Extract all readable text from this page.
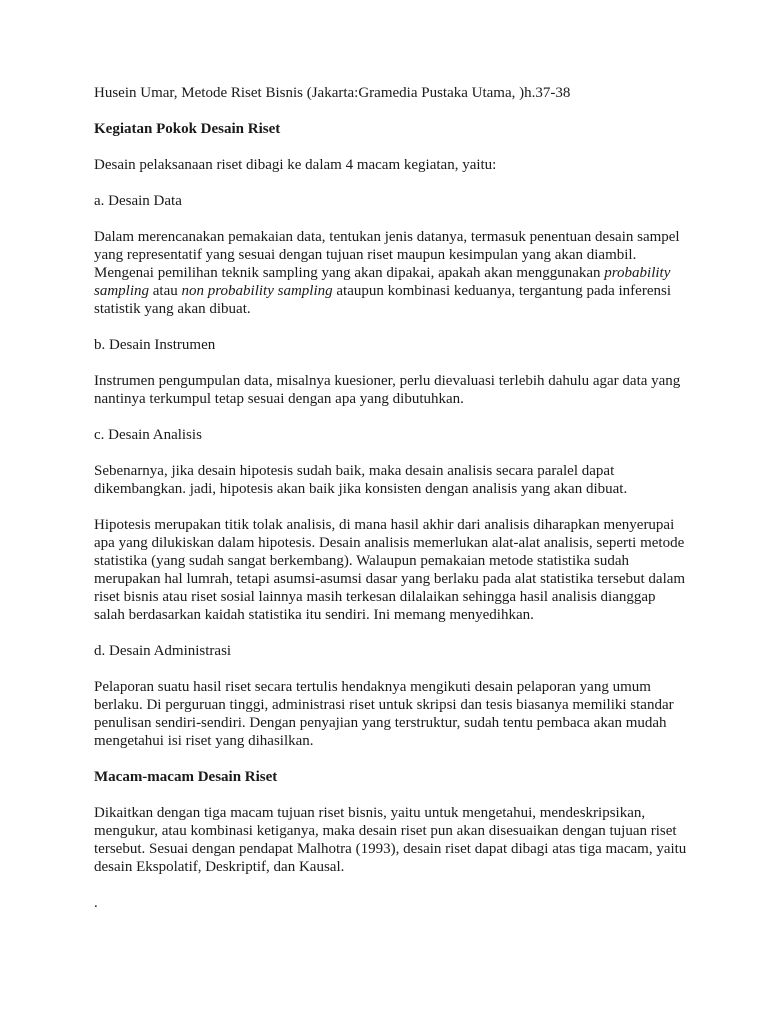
Husein Umar, Metode Riset Bisnis (Jakarta:Gramedia Pustaka Utama, )h.37-38

Kegiatan Pokok Desain Riset

Desain pelaksanaan riset dibagi ke dalam 4 macam kegiatan, yaitu:

a. Desain Data

Dalam merencanakan pemakaian data, tentukan jenis datanya, termasuk penentuan desain sampel yang representatif yang sesuai dengan tujuan riset maupun kesimpulan yang akan diambil. Mengenai pemilihan teknik sampling yang akan dipakai, apakah akan menggunakan probability sampling atau non probability sampling ataupun kombinasi keduanya, tergantung pada inferensi statistik yang akan dibuat.

b. Desain Instrumen

Instrumen pengumpulan data, misalnya kuesioner, perlu dievaluasi terlebih dahulu agar data yang nantinya terkumpul tetap sesuai dengan apa yang dibutuhkan.

c. Desain Analisis

Sebenarnya, jika desain hipotesis sudah baik, maka desain analisis secara paralel dapat dikembangkan. jadi, hipotesis akan baik jika konsisten dengan analisis yang akan dibuat.

Hipotesis merupakan titik tolak analisis, di mana hasil akhir dari analisis diharapkan menyerupai apa yang dilukiskan dalam hipotesis. Desain analisis memerlukan alat-alat analisis, seperti metode statistika (yang sudah sangat berkembang). Walaupun pemakaian metode statistika sudah merupakan hal lumrah, tetapi asumsi-asumsi dasar yang berlaku pada alat statistika tersebut dalam riset bisnis atau riset sosial lainnya masih terkesan dilalaikan sehingga hasil analisis dianggap salah berdasarkan kaidah statistika itu sendiri. Ini memang menyedihkan.

d. Desain Administrasi

Pelaporan suatu hasil riset secara tertulis hendaknya mengikuti desain pelaporan yang umum berlaku. Di perguruan tinggi, administrasi riset untuk skripsi dan tesis biasanya memiliki standar penulisan sendiri-sendiri. Dengan penyajian yang terstruktur, sudah tentu pembaca akan mudah mengetahui isi riset yang dihasilkan.

Macam-macam Desain Riset

Dikaitkan dengan tiga macam tujuan riset bisnis, yaitu untuk mengetahui, mendeskripsikan, mengukur, atau kombinasi ketiganya, maka desain riset pun akan disesuaikan dengan tujuan riset tersebut. Sesuai dengan pendapat Malhotra (1993), desain riset dapat dibagi atas tiga macam, yaitu desain Ekspolatif, Deskriptif, dan Kausal.

.
